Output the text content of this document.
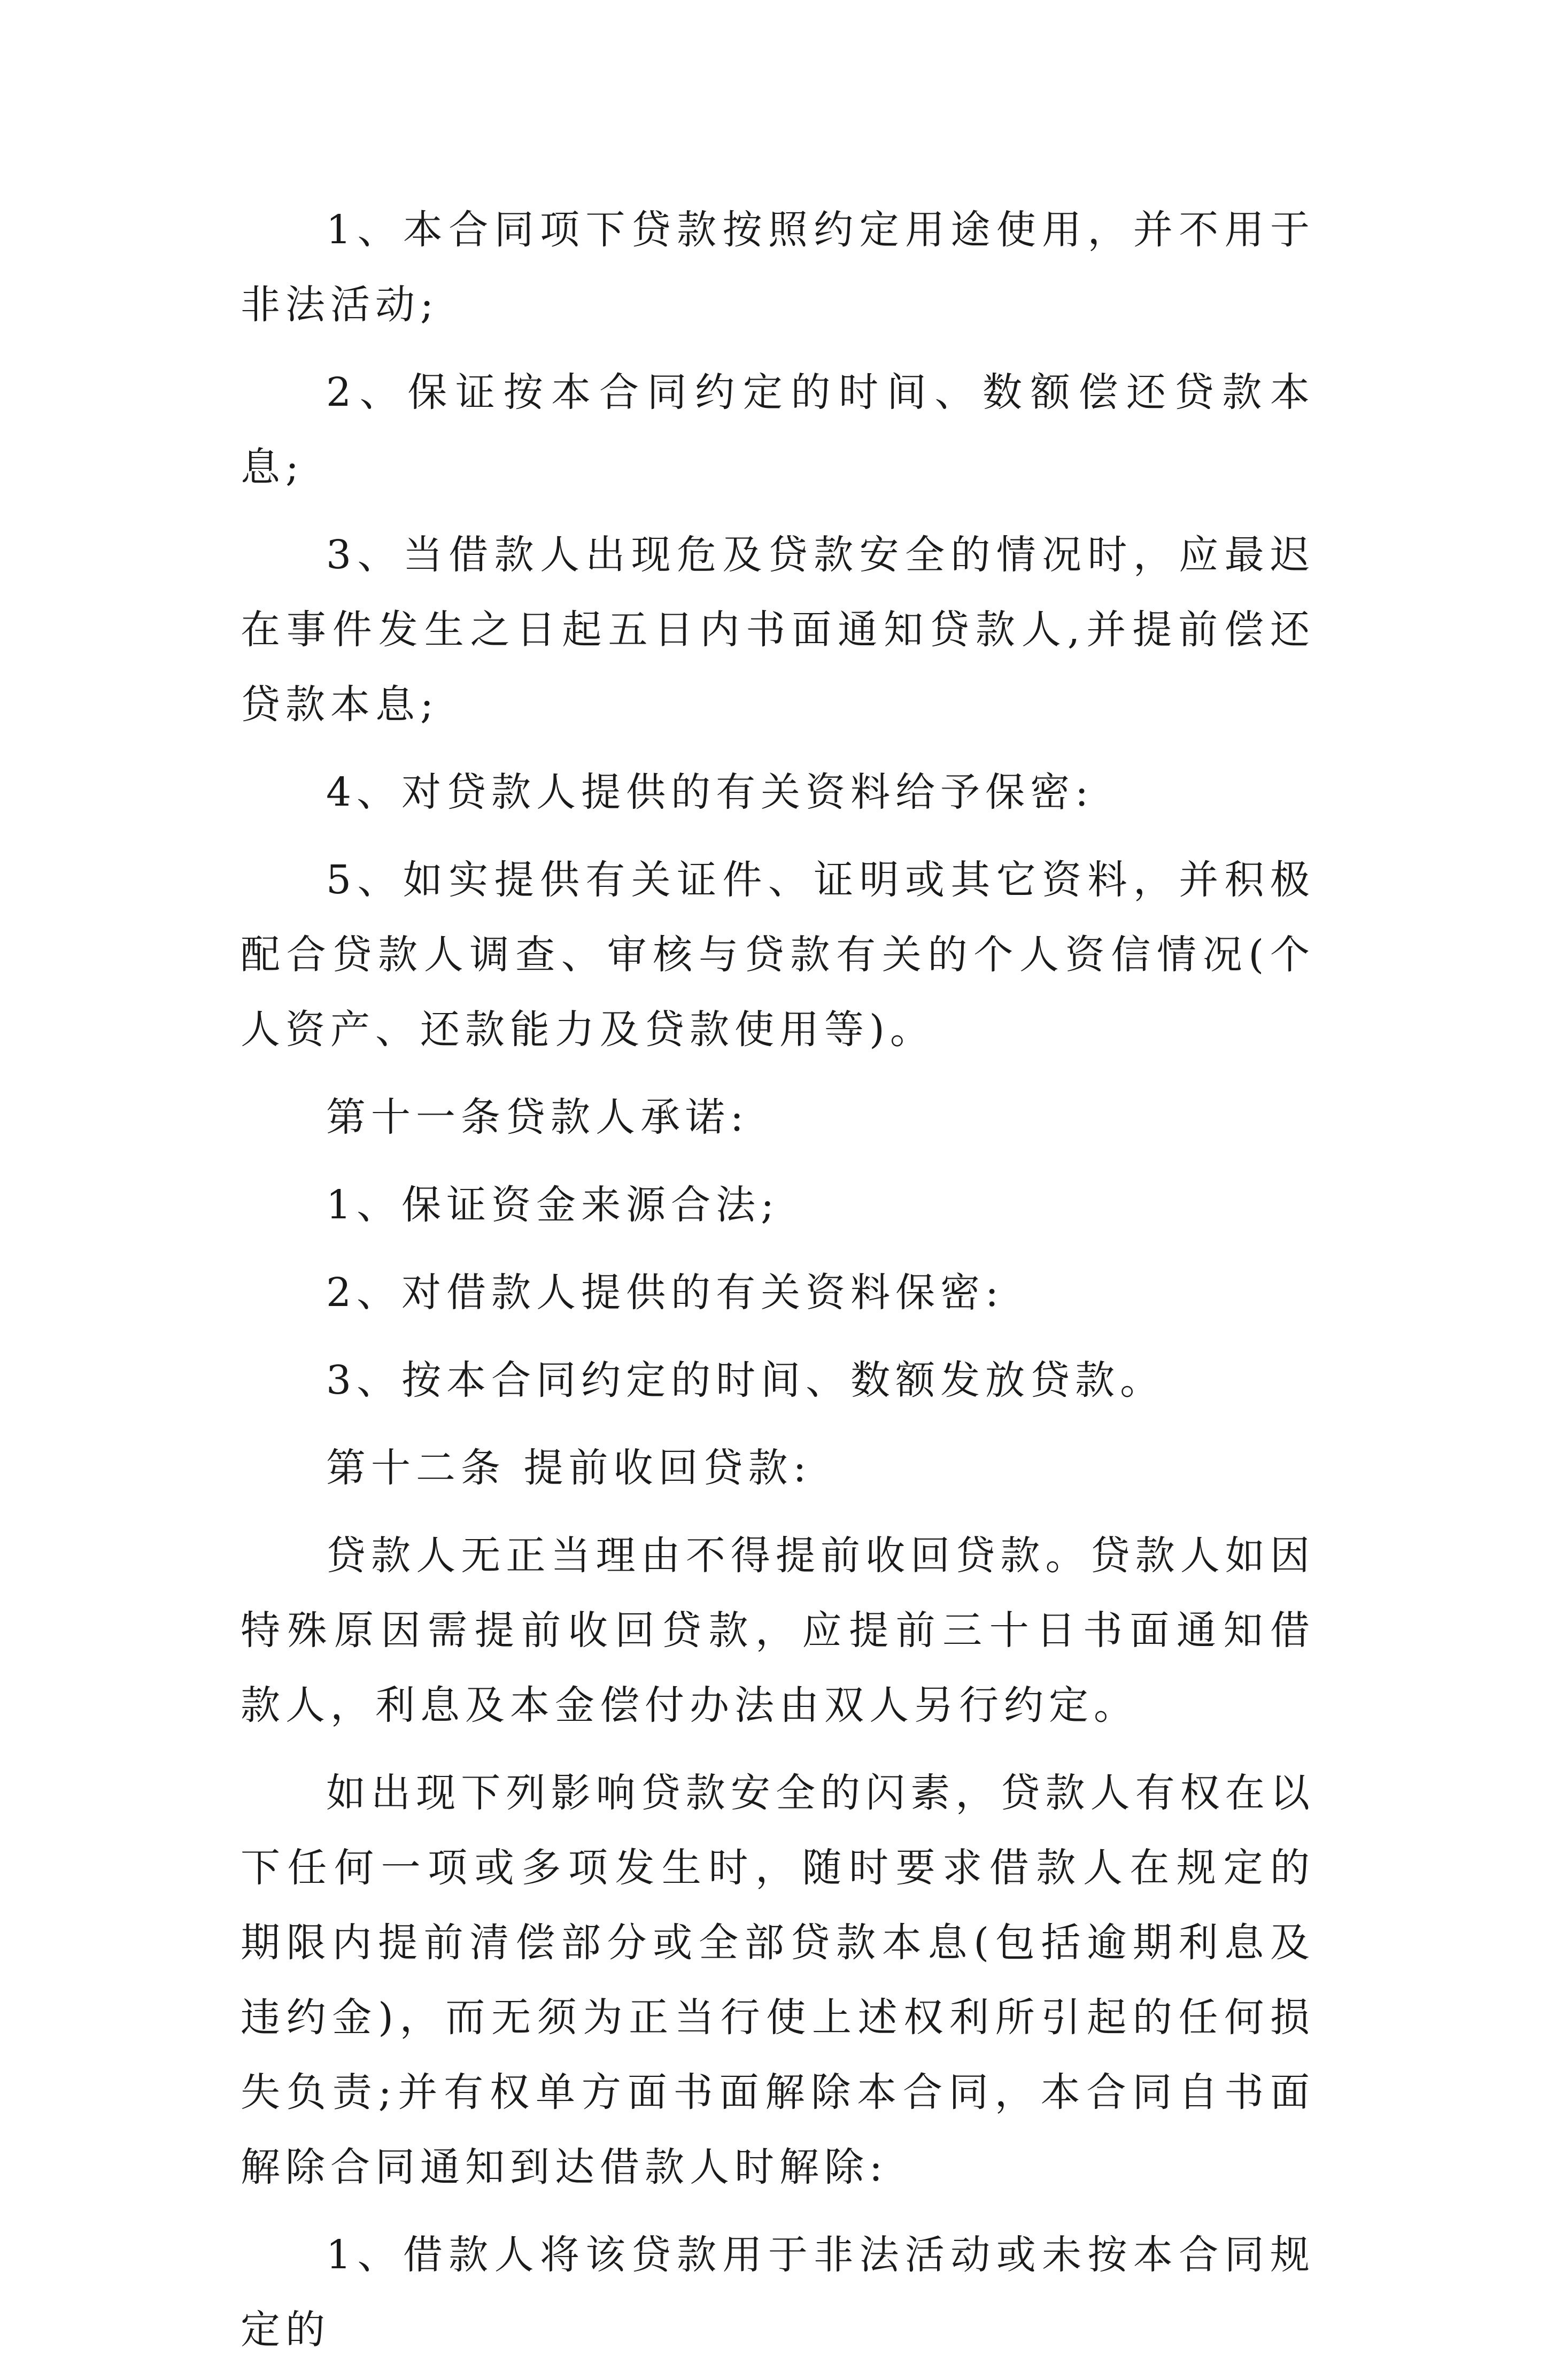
1、本合同项下贷款按照约定用途使用，并不用于非法活动;

2、保证按本合同约定的时间、数额偿还贷款本息;

3、当借款人出现危及贷款安全的情况时，应最迟在事件发生之日起五日内书面通知贷款人,并提前偿还贷款本息;

4、对贷款人提供的有关资料给予保密:

5、如实提供有关证件、证明或其它资料，并积极配合贷款人调查、审核与贷款有关的个人资信情况(个人资产、还款能力及贷款使用等)。

第十一条贷款人承诺:

1、保证资金来源合法;

2、对借款人提供的有关资料保密:

3、按本合同约定的时间、数额发放贷款。

第十二条 提前收回贷款:

贷款人无正当理由不得提前收回贷款。贷款人如因特殊原因需提前收回贷款，应提前三十日书面通知借款人，利息及本金偿付办法由双人另行约定。

如出现下列影响贷款安全的闪素，贷款人有权在以下任何一项或多项发生时，随时要求借款人在规定的期限内提前清偿部分或全部贷款本息(包括逾期利息及违约金)，而无须为正当行使上述权利所引起的任何损失负责;并有权单方面书面解除本合同，本合同自书面解除合同通知到达借款人时解除:

1、借款人将该贷款用于非法活动或未按本合同规定的
